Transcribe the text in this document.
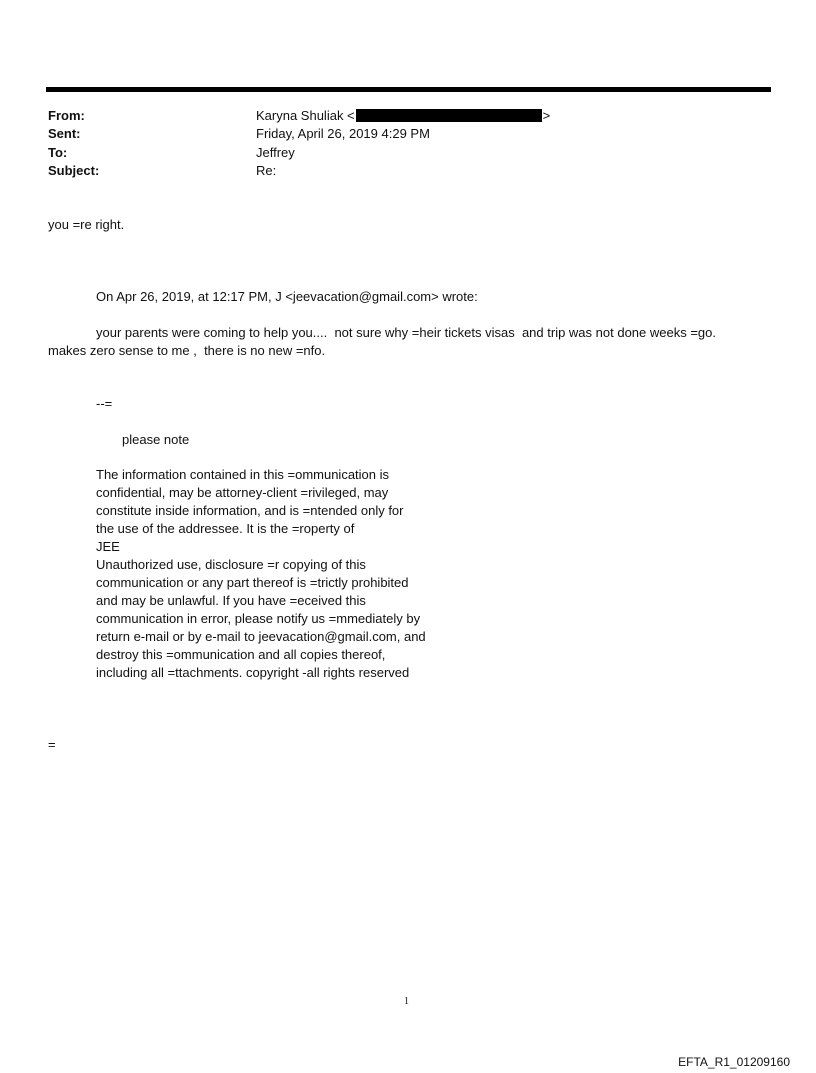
From:	Karyna Shuliak <	>
Sent:	Friday, April 26, 2019 4:29 PM
To:	Jeffrey
Subject:	Re:
you =re right.
On Apr 26, 2019, at 12:17 PM, J <jeevacation@gmail.com> wrote:
your parents were coming to help you....  not sure why =heir tickets visas  and trip was not done weeks =go.
makes zero sense to me ,  there is no new =nfo.
--=
please note
The information contained in this =ommunication is
confidential, may be attorney-client =rivileged, may
constitute inside information, and is =ntended only for
the use of the addressee. It is the =roperty of
JEE
Unauthorized use, disclosure =r copying of this
communication or any part thereof is =trictly prohibited
and may be unlawful. If you have =eceived this
communication in error, please notify us =mmediately by
return e-mail or by e-mail to jeevacation@gmail.com, and
destroy this =ommunication and all copies thereof,
including all =ttachments. copyright -all rights reserved
=
1
EFTA_R1_01209160
